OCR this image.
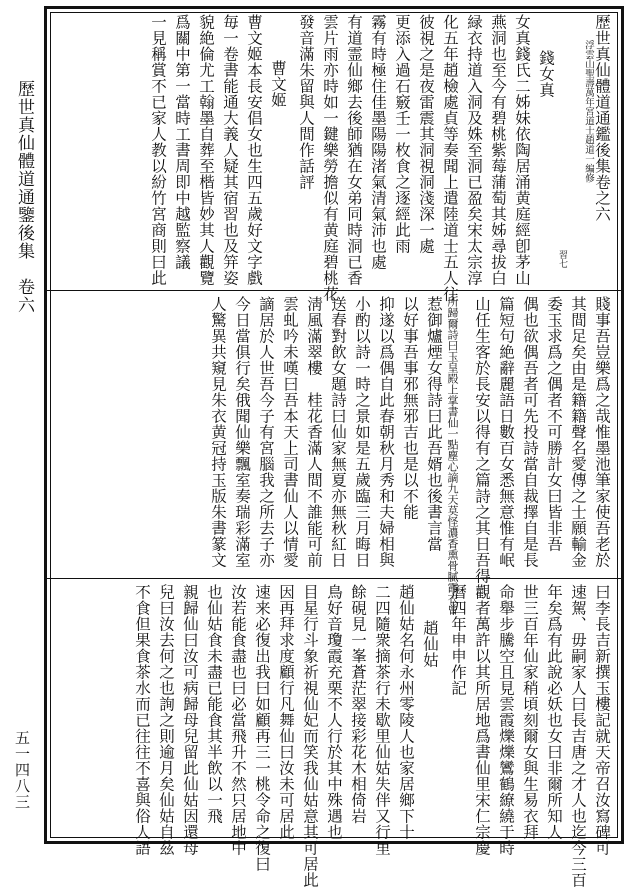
歷世真仙體道通鑒後集　卷六
五一四八三
歷世真仙體道通鑑後集卷之六
浮雲山聖壽萬年宮道士趙道一編修
習七
錢女真
女真錢氏二姊妹依陶居涌黄庭經卽茅山
燕洞也至今有碧桃紫莓蒲萄其姊尋拔白
緑衣持道入洞及姝至洞已盈矣宋太宗淳
化五年趙檢處貞等奏聞上遣陸道士五人往
彼視之是夜雷震其洞視洞淺深一處
更添入過石竅壬一枚食之逐經此雨
霧有時極住佳墨陽陽渚氣清氣沛也處
有道霊仙鄉去後師猶在女弟同時洞已香
雲片雨亦時如一鍵樂勞擔似有黄庭碧桃花
發音滿朱留與人間作話評
曹文姬
曹文姬本長安倡女也生四五歲好文字戲
毎一卷書能通大義人疑其宿習也及笄姿
貌絶倫尤工翰墨自葬至楷皆妙其人觀覽
爲關中第一當時工書周即中越監察議
一見稱賞不已家人教以紛竹宮商則曰此
賤事吾豈樂爲之哉惟墨池筆家使吾老於
其間足矣由是籍籍聲名愛傳之士願輸金
委玉求爲之偶者不可勝計女曰皆非吾
偶也欲偶吾者可先投詩當自裁擇自是長
篇短句絶辭麗語日數百女悉無意惟有岷
山任生客於長安以得有之篇詩之其日吾得
所歸爾詩曰玉皇殿上掌書仙一點塵心謫九天莫怪濃香熏骨膩霞衣曾
惹御爐煙女得詩曰此吾婿也後書言當
以好事吾事邪無邪吉也是以不能
抑遂以爲偶自此春朝秋月秀和夫婦相與
小酌以詩一時之景如是五歲臨三月晦日
送春對飲女題詩曰仙家無夏亦無秋紅日
淸風滿翠樓　桂花香滿人間不誰能可前
雲虬吟未嘆曰吾本天上司書仙人以情愛
謫居於人世吾今子有宮腦我之所去子亦
今日當俱行矣俄聞仙樂飄室奏瑞彩滿室
人驚異共窺見朱衣黄冠持玉版朱書篆文
曰李長吉新撰玉樓記就天帝召汝寫碑可
速駕、毋嗣家人曰長吉唐之才人也迄今三百
年矣爲有此說必妖也女曰非爾所知人
世三百年仙家稍頃刻爾女與生易衣拜
命舉步騰空且見雲霞爍爍鸞鶴繚繞于時
觀者萬許以其所居地爲書仙里宋仁宗慶
曆四年申申作記
趙仙姑
趙仙姑名何永州零陵人也家居鄉下十
二四隨衆摘茶行未歇里仙姑失伴又行里
餘硯見一峯蒼茫翠接彩花木相倚岩
鳥好音瓊霞充栗不人行於其中殊遇也
目星行斗象祈視仙妃而笑我仙姑意其可居此
因再拜求度顧行凡舞仙曰汝未可居此
速来必復出我曰如顧再三一桃令命之復曰
汝若能食盡也曰必當飛升不然只居地中
也仙姑食未盡已能食其半飲以一飛
親歸仙曰汝可病歸母兒留此仙姑因還母
兒曰汝去何之也詢之則逾月矣仙姑自茲
不食但果食茶水而已往往不喜與俗人語
